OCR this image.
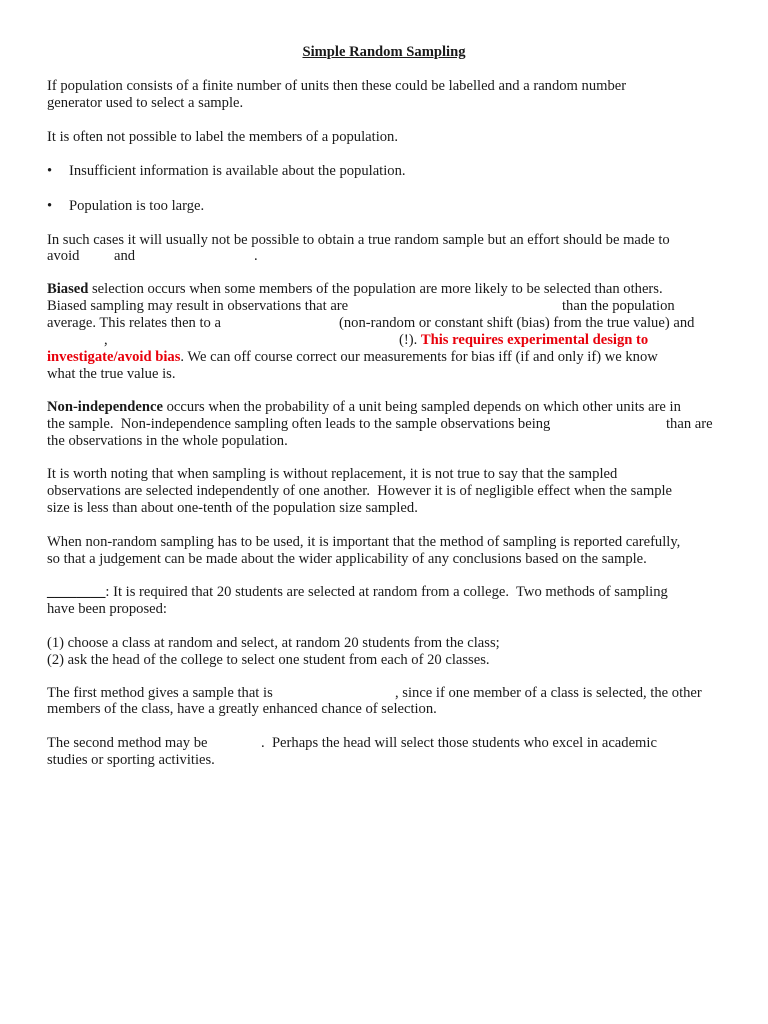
Simple Random Sampling
If population consists of a finite number of units then these could be labelled and a random number
generator used to select a sample.
It is often not possible to label the members of a population.
• Insufficient information is available about the population.
• Population is too large.
In such cases it will usually not be possible to obtain a true random sample but an effort should be made to
avoid and	.
Biased selection occurs when some members of the population are more likely to be selected than others.
Biased sampling may result in observations that are	than the population
average. This relates then to a	(non-random or constant shift (bias) from the true value) and
,	(!). This requires experimental design to
investigate/avoid bias. We can off course correct our measurements for bias iff (if and only if) we know
what the true value is.
Non-independence occurs when the probability of a unit being sampled depends on which other units are in
the sample.  Non-independence sampling often leads to the sample observations being	than are
the observations in the whole population.
It is worth noting that when sampling is without replacement, it is not true to say that the sampled
observations are selected independently of one another.  However it is of negligible effect when the sample
size is less than about one-tenth of the population size sampled.
When non-random sampling has to be used, it is important that the method of sampling is reported carefully,
so that a judgement can be made about the wider applicability of any conclusions based on the sample.
________: It is required that 20 students are selected at random from a college.  Two methods of sampling
have been proposed:
(1) choose a class at random and select, at random 20 students from the class;
(2) ask the head of the college to select one student from each of 20 classes.
The first method gives a sample that is	, since if one member of a class is selected, the other
members of the class, have a greatly enhanced chance of selection.
The second method may be	.  Perhaps the head will select those students who excel in academic
studies or sporting activities.
